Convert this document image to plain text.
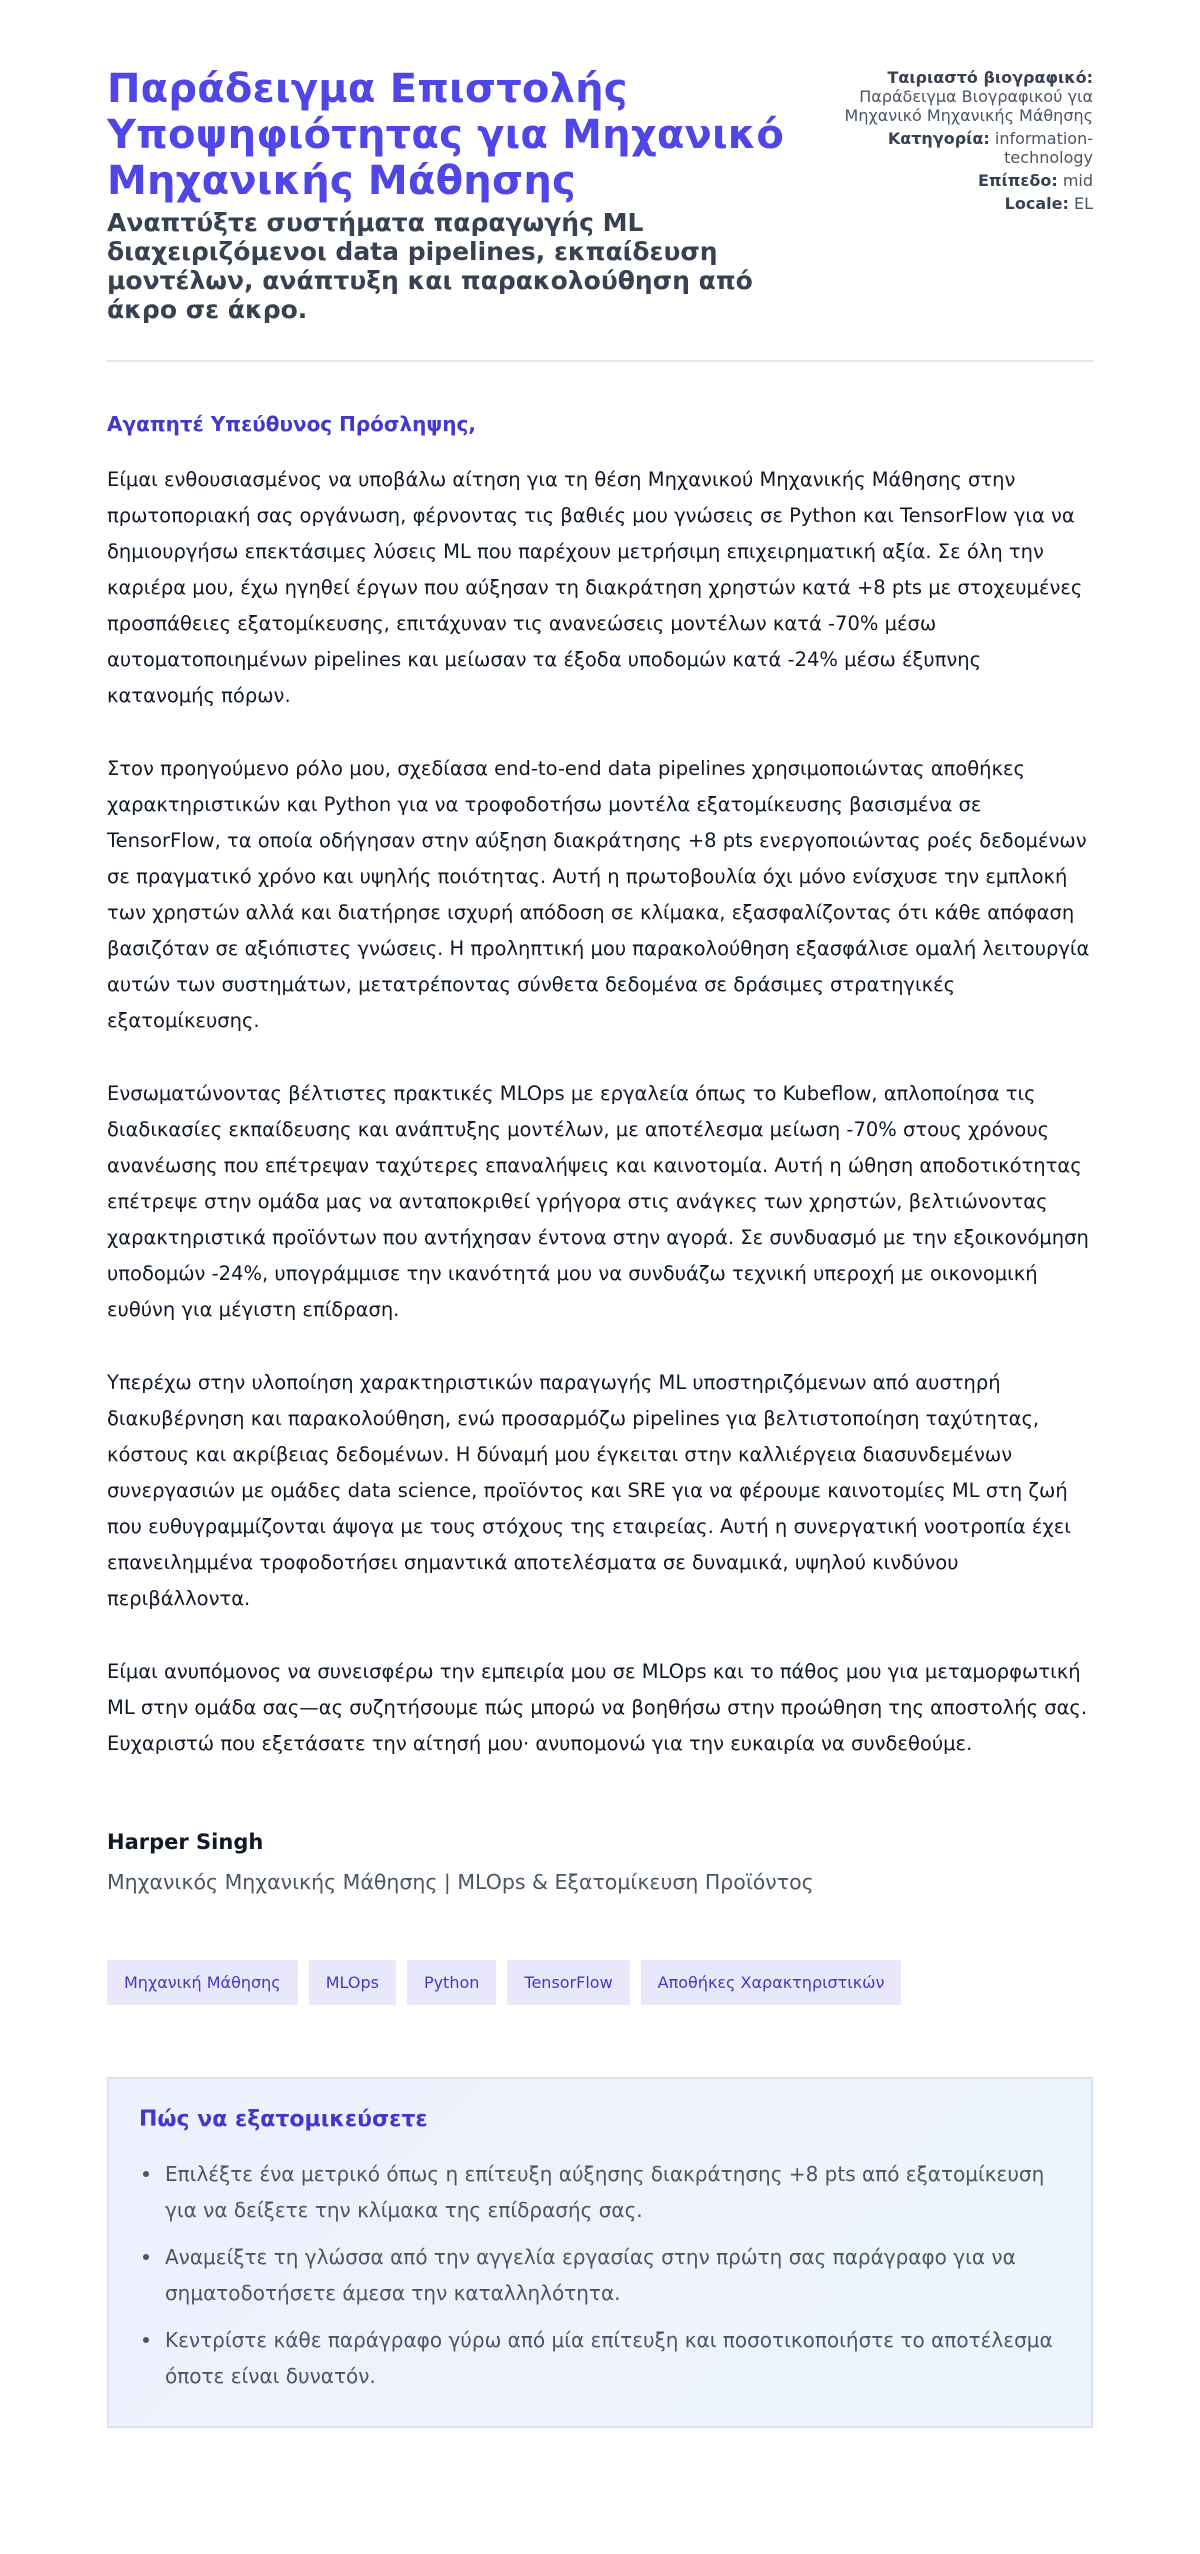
Παράδειγμα Επιστολής Υποψηφιότητας για Μηχανικό Μηχανικής Μάθησης

Αναπτύξτε συστήματα παραγωγής ML διαχειριζόμενοι data pipelines, εκπαίδευση μοντέλων, ανάπτυξη και παρακολούθηση από άκρο σε άκρο.

Ταιριαστό βιογραφικό: Παράδειγμα Βιογραφικού για Μηχανικό Μηχανικής Μάθησης
Κατηγορία: information-technology
Επίπεδο: mid
Locale: EL

Αγαπητέ Υπεύθυνος Πρόσληψης,

Είμαι ενθουσιασμένος να υποβάλω αίτηση για τη θέση Μηχανικού Μηχανικής Μάθησης στην πρωτοποριακή σας οργάνωση, φέρνοντας τις βαθιές μου γνώσεις σε Python και TensorFlow για να δημιουργήσω επεκτάσιμες λύσεις ML που παρέχουν μετρήσιμη επιχειρηματική αξία. Σε όλη την καριέρα μου, έχω ηγηθεί έργων που αύξησαν τη διακράτηση χρηστών κατά +8 pts με στοχευμένες προσπάθειες εξατομίκευσης, επιτάχυναν τις ανανεώσεις μοντέλων κατά -70% μέσω αυτοματοποιημένων pipelines και μείωσαν τα έξοδα υποδομών κατά -24% μέσω έξυπνης κατανομής πόρων.

Στον προηγούμενο ρόλο μου, σχεδίασα end-to-end data pipelines χρησιμοποιώντας αποθήκες χαρακτηριστικών και Python για να τροφοδοτήσω μοντέλα εξατομίκευσης βασισμένα σε TensorFlow, τα οποία οδήγησαν στην αύξηση διακράτησης +8 pts ενεργοποιώντας ροές δεδομένων σε πραγματικό χρόνο και υψηλής ποιότητας. Αυτή η πρωτοβουλία όχι μόνο ενίσχυσε την εμπλοκή των χρηστών αλλά και διατήρησε ισχυρή απόδοση σε κλίμακα, εξασφαλίζοντας ότι κάθε απόφαση βασιζόταν σε αξιόπιστες γνώσεις. Η προληπτική μου παρακολούθηση εξασφάλισε ομαλή λειτουργία αυτών των συστημάτων, μετατρέποντας σύνθετα δεδομένα σε δράσιμες στρατηγικές εξατομίκευσης.

Ενσωματώνοντας βέλτιστες πρακτικές MLOps με εργαλεία όπως το Kubeflow, απλοποίησα τις διαδικασίες εκπαίδευσης και ανάπτυξης μοντέλων, με αποτέλεσμα μείωση -70% στους χρόνους ανανέωσης που επέτρεψαν ταχύτερες επαναλήψεις και καινοτομία. Αυτή η ώθηση αποδοτικότητας επέτρεψε στην ομάδα μας να ανταποκριθεί γρήγορα στις ανάγκες των χρηστών, βελτιώνοντας χαρακτηριστικά προϊόντων που αντήχησαν έντονα στην αγορά. Σε συνδυασμό με την εξοικονόμηση υποδομών -24%, υπογράμμισε την ικανότητά μου να συνδυάζω τεχνική υπεροχή με οικονομική ευθύνη για μέγιστη επίδραση.

Υπερέχω στην υλοποίηση χαρακτηριστικών παραγωγής ML υποστηριζόμενων από αυστηρή διακυβέρνηση και παρακολούθηση, ενώ προσαρμόζω pipelines για βελτιστοποίηση ταχύτητας, κόστους και ακρίβειας δεδομένων. Η δύναμή μου έγκειται στην καλλιέργεια διασυνδεμένων συνεργασιών με ομάδες data science, προϊόντος και SRE για να φέρουμε καινοτομίες ML στη ζωή που ευθυγραμμίζονται άψογα με τους στόχους της εταιρείας. Αυτή η συνεργατική νοοτροπία έχει επανειλημμένα τροφοδοτήσει σημαντικά αποτελέσματα σε δυναμικά, υψηλού κινδύνου περιβάλλοντα.

Είμαι ανυπόμονος να συνεισφέρω την εμπειρία μου σε MLOps και το πάθος μου για μεταμορφωτική ML στην ομάδα σας—ας συζητήσουμε πώς μπορώ να βοηθήσω στην προώθηση της αποστολής σας. Ευχαριστώ που εξετάσατε την αίτησή μου· ανυπομονώ για την ευκαιρία να συνδεθούμε.

Harper Singh

Μηχανικός Μηχανικής Μάθησης | MLOps & Εξατομίκευση Προϊόντος

Μηχανική Μάθησης	MLOps	Python	TensorFlow	Αποθήκες Χαρακτηριστικών
Πώς να εξατομικεύσετε
Επιλέξτε ένα μετρικό όπως η επίτευξη αύξησης διακράτησης +8 pts από εξατομίκευση για να δείξετε την κλίμακα της επίδρασής σας.
Αναμείξτε τη γλώσσα από την αγγελία εργασίας στην πρώτη σας παράγραφο για να σηματοδοτήσετε άμεσα την καταλληλότητα.
Κεντρίστε κάθε παράγραφο γύρω από μία επίτευξη και ποσοτικοποιήστε το αποτέλεσμα όποτε είναι δυνατόν.
